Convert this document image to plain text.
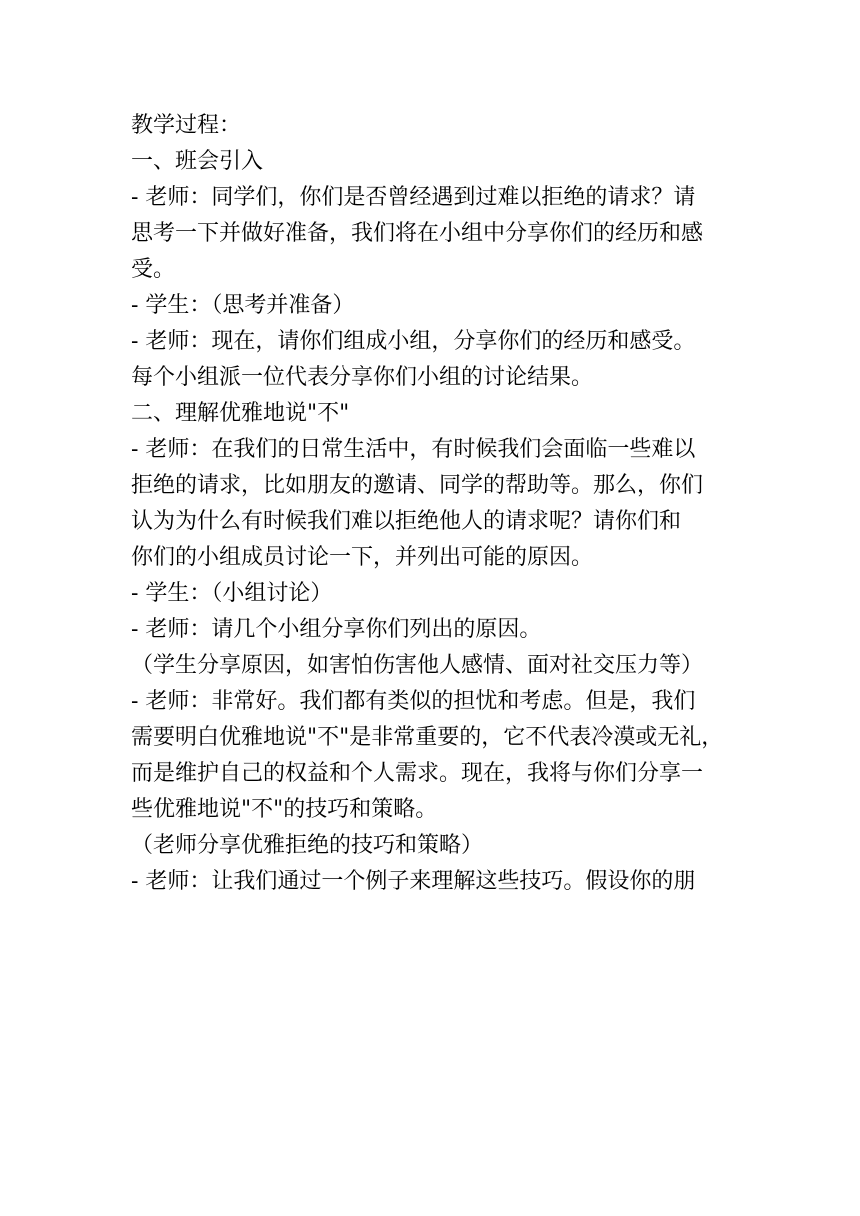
教学过程：
一、班会引入
- 老师：同学们，你们是否曾经遇到过难以拒绝的请求？请
思考一下并做好准备，我们将在小组中分享你们的经历和感
受。
- 学生：（思考并准备）
- 老师：现在，请你们组成小组，分享你们的经历和感受。
每个小组派一位代表分享你们小组的讨论结果。
二、理解优雅地说"不"
- 老师：在我们的日常生活中，有时候我们会面临一些难以
拒绝的请求，比如朋友的邀请、同学的帮助等。那么，你们
认为为什么有时候我们难以拒绝他人的请求呢？请你们和
你们的小组成员讨论一下，并列出可能的原因。
- 学生：（小组讨论）
- 老师：请几个小组分享你们列出的原因。
（学生分享原因，如害怕伤害他人感情、面对社交压力等）
- 老师：非常好。我们都有类似的担忧和考虑。但是，我们
需要明白优雅地说"不"是非常重要的，它不代表冷漠或无礼，
而是维护自己的权益和个人需求。现在，我将与你们分享一
些优雅地说"不"的技巧和策略。
（老师分享优雅拒绝的技巧和策略）
- 老师：让我们通过一个例子来理解这些技巧。假设你的朋
